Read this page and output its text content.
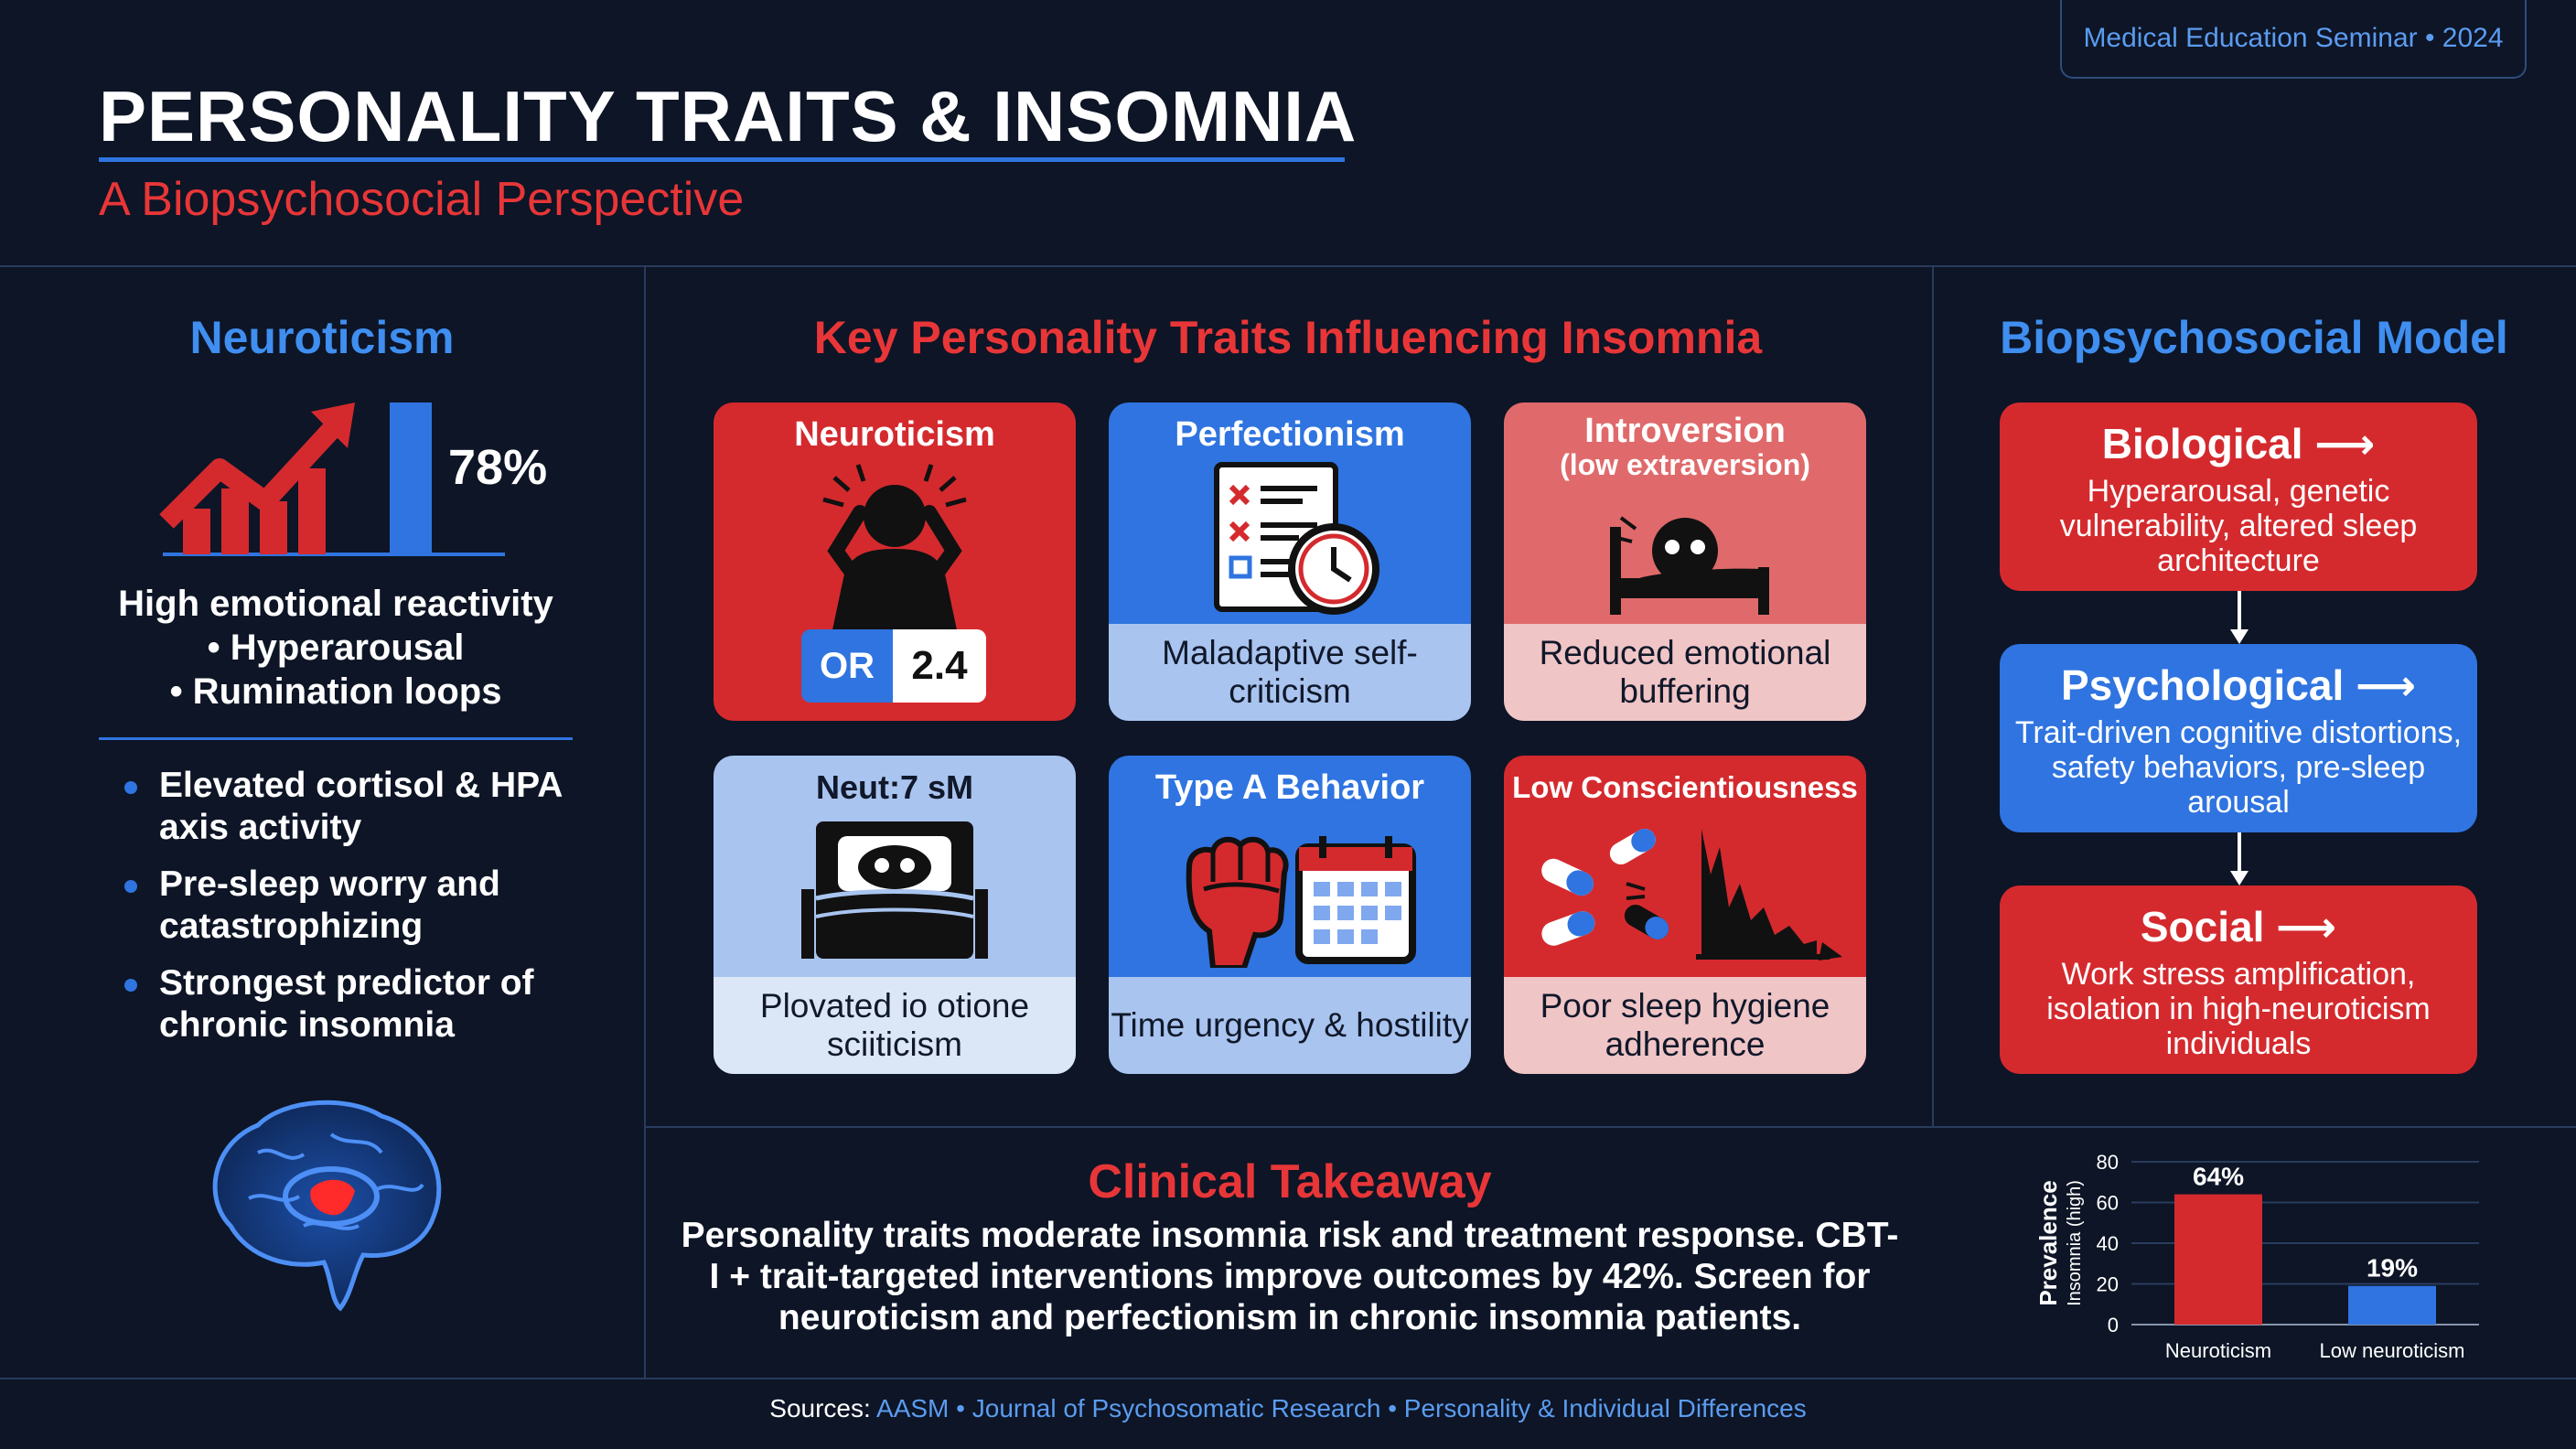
Medical Education Seminar • 2024
PERSONALITY TRAITS & INSOMNIA
A Biopsychosocial Perspective
Neuroticism
78%
High emotional reactivity
• Hyperarousal
• Rumination loops
Elevated cortisol & HPA axis activity
Pre-sleep worry and catastrophizing
Strongest predictor of chronic insomnia
Key Personality Traits Influencing Insomnia
Neuroticism
OR 2.4
Perfectionism
Maladaptive self-criticism
Introversion
(low extraversion)
Reduced emotional buffering
Neut:7 sM
Plovated io otione sciiticism
Type A Behavior
Time urgency & hostility
Low Conscientiousness
Poor sleep hygiene adherence
Biopsychosocial Model
Biological ⟶
Hyperarousal, genetic vulnerability, altered sleep architecture
Psychological ⟶
Trait-driven cognitive distortions, safety behaviors, pre-sleep arousal
Social ⟶
Work stress amplification, isolation in high-neuroticism individuals
Clinical Takeaway
Personality traits moderate insomnia risk and treatment response. CBT-I + trait-targeted interventions improve outcomes by 42%. Screen for neuroticism and perfectionism in chronic insomnia patients.	0
20
40
60
80
64%
Neuroticism
19%
Low neuroticism
Prevalence Insomnia (high)
Sources: AASM • Journal of Psychosomatic Research • Personality & Individual Differences
